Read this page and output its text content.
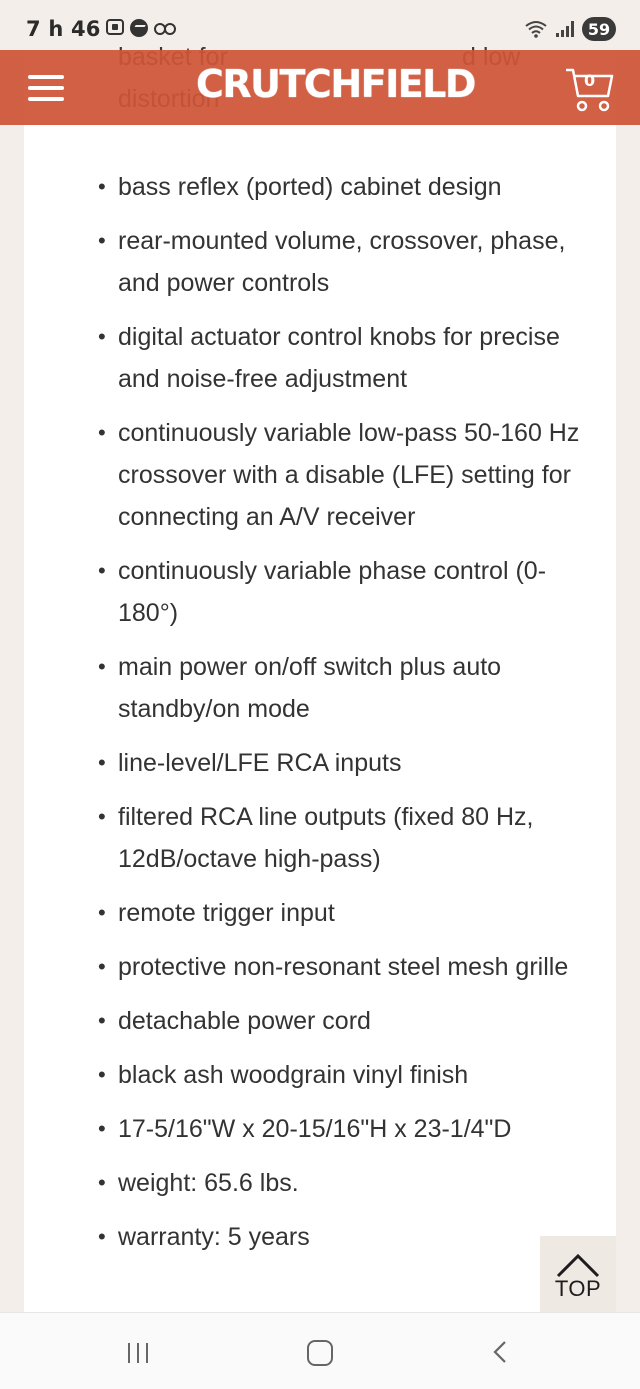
7 h 46	59
• bass reflex (ported) cabinet design
• rear-mounted volume, crossover, phase, and power controls
• digital actuator control knobs for precise and noise-free adjustment
• continuously variable low-pass 50-160 Hz crossover with a disable (LFE) setting for connecting an A/V receiver
• continuously variable phase control (0-180°)
• main power on/off switch plus auto standby/on mode
• line-level/LFE RCA inputs
• filtered RCA line outputs (fixed 80 Hz, 12dB/octave high-pass)
• remote trigger input
• protective non-resonant steel mesh grille
• detachable power cord
• black ash woodgrain vinyl finish
• 17-5/16"W x 20-15/16"H x 23-1/4"D
• weight: 65.6 lbs.
• warranty: 5 years
CRUTCHFIELD	0
TOP
